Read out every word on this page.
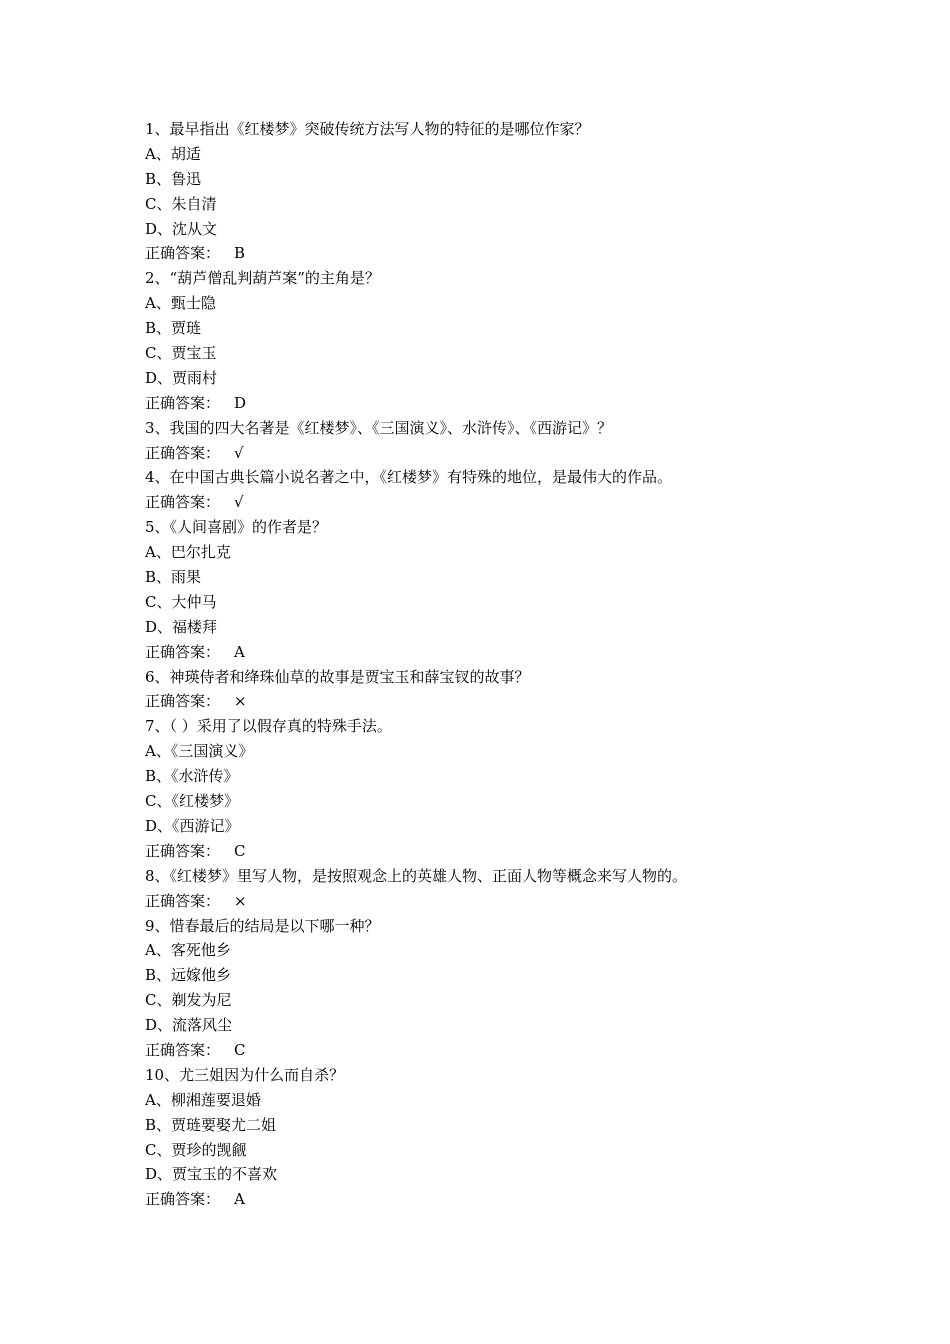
1、最早指出《红楼梦》突破传统方法写人物的特征的是哪位作家？
A、胡适
B、鲁迅
C、朱自清
D、沈从文
正确答案： B
2、“葫芦僧乱判葫芦案”的主角是？
A、甄士隐
B、贾琏
C、贾宝玉
D、贾雨村
正确答案： D
3、我国的四大名著是《红楼梦》、《三国演义》、水浒传》、《西游记》？
正确答案： √
4、在中国古典长篇小说名著之中，《红楼梦》有特殊的地位，是最伟大的作品。
正确答案： √
5、《人间喜剧》的作者是？
A、巴尔扎克
B、雨果
C、大仲马
D、福楼拜
正确答案： A
6、神瑛侍者和绛珠仙草的故事是贾宝玉和薛宝钗的故事？
正确答案： ×
7、（ ）采用了以假存真的特殊手法。
A、《三国演义》
B、《水浒传》
C、《红楼梦》
D、《西游记》
正确答案： C
8、《红楼梦》里写人物，是按照观念上的英雄人物、正面人物等概念来写人物的。
正确答案： ×
9、惜春最后的结局是以下哪一种？
A、客死他乡
B、远嫁他乡
C、剃发为尼
D、流落风尘
正确答案： C
10、尤三姐因为什么而自杀？
A、柳湘莲要退婚
B、贾琏要娶尤二姐
C、贾珍的觊觎
D、贾宝玉的不喜欢
正确答案： A
